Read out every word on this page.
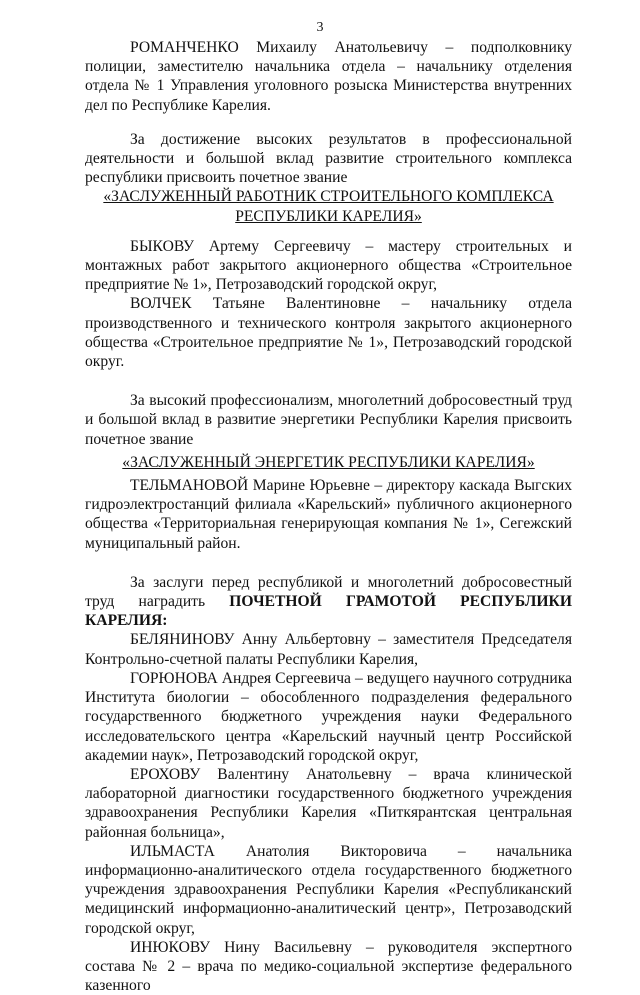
3

РОМАНЧЕНКО Михаилу Анатольевичу – подполковнику полиции, заместителю начальника отдела – начальнику отделения отдела № 1 Управления уголовного розыска Министерства внутренних дел по Республике Карелия.

За достижение высоких результатов в профессиональной деятельности и большой вклад развитие строительного комплекса республики присвоить почетное звание

«ЗАСЛУЖЕННЫЙ РАБОТНИК СТРОИТЕЛЬНОГО КОМПЛЕКСА РЕСПУБЛИКИ КАРЕЛИЯ»

БЫКОВУ Артему Сергеевичу – мастеру строительных и монтажных работ закрытого акционерного общества «Строительное предприятие № 1», Петрозаводский городской округ,

ВОЛЧЕК Татьяне Валентиновне – начальнику отдела производственного и технического контроля закрытого акционерного общества «Строительное предприятие № 1», Петрозаводский городской округ.

За высокий профессионализм, многолетний добросовестный труд и большой вклад в развитие энергетики Республики Карелия присвоить почетное звание

«ЗАСЛУЖЕННЫЙ ЭНЕРГЕТИК РЕСПУБЛИКИ КАРЕЛИЯ»

ТЕЛЬМАНОВОЙ Марине Юрьевне – директору каскада Выгских гидроэлектростанций филиала «Карельский» публичного акционерного общества «Территориальная генерирующая компания № 1», Сегежский муниципальный район.

За заслуги перед республикой и многолетний добросовестный труд наградить ПОЧЕТНОЙ ГРАМОТОЙ РЕСПУБЛИКИ КАРЕЛИЯ:

БЕЛЯНИНОВУ Анну Альбертовну – заместителя Председателя Контрольно-счетной палаты Республики Карелия,

ГОРЮНОВА Андрея Сергеевича – ведущего научного сотрудника Института биологии – обособленного подразделения федерального государственного бюджетного учреждения науки Федерального исследовательского центра «Карельский научный центр Российской академии наук», Петрозаводский городской округ,

ЕРОХОВУ Валентину Анатольевну – врача клинической лабораторной диагностики государственного бюджетного учреждения здравоохранения Республики Карелия «Питкярантская центральная районная больница»,

ИЛЬМАСТА Анатолия Викторовича – начальника информационно-аналитического отдела государственного бюджетного учреждения здравоохранения Республики Карелия «Республиканский медицинский информационно-аналитический центр», Петрозаводский городской округ,

ИНЮКОВУ Нину Васильевну – руководителя экспертного состава № 2 – врача по медико-социальной экспертизе федерального казенного
